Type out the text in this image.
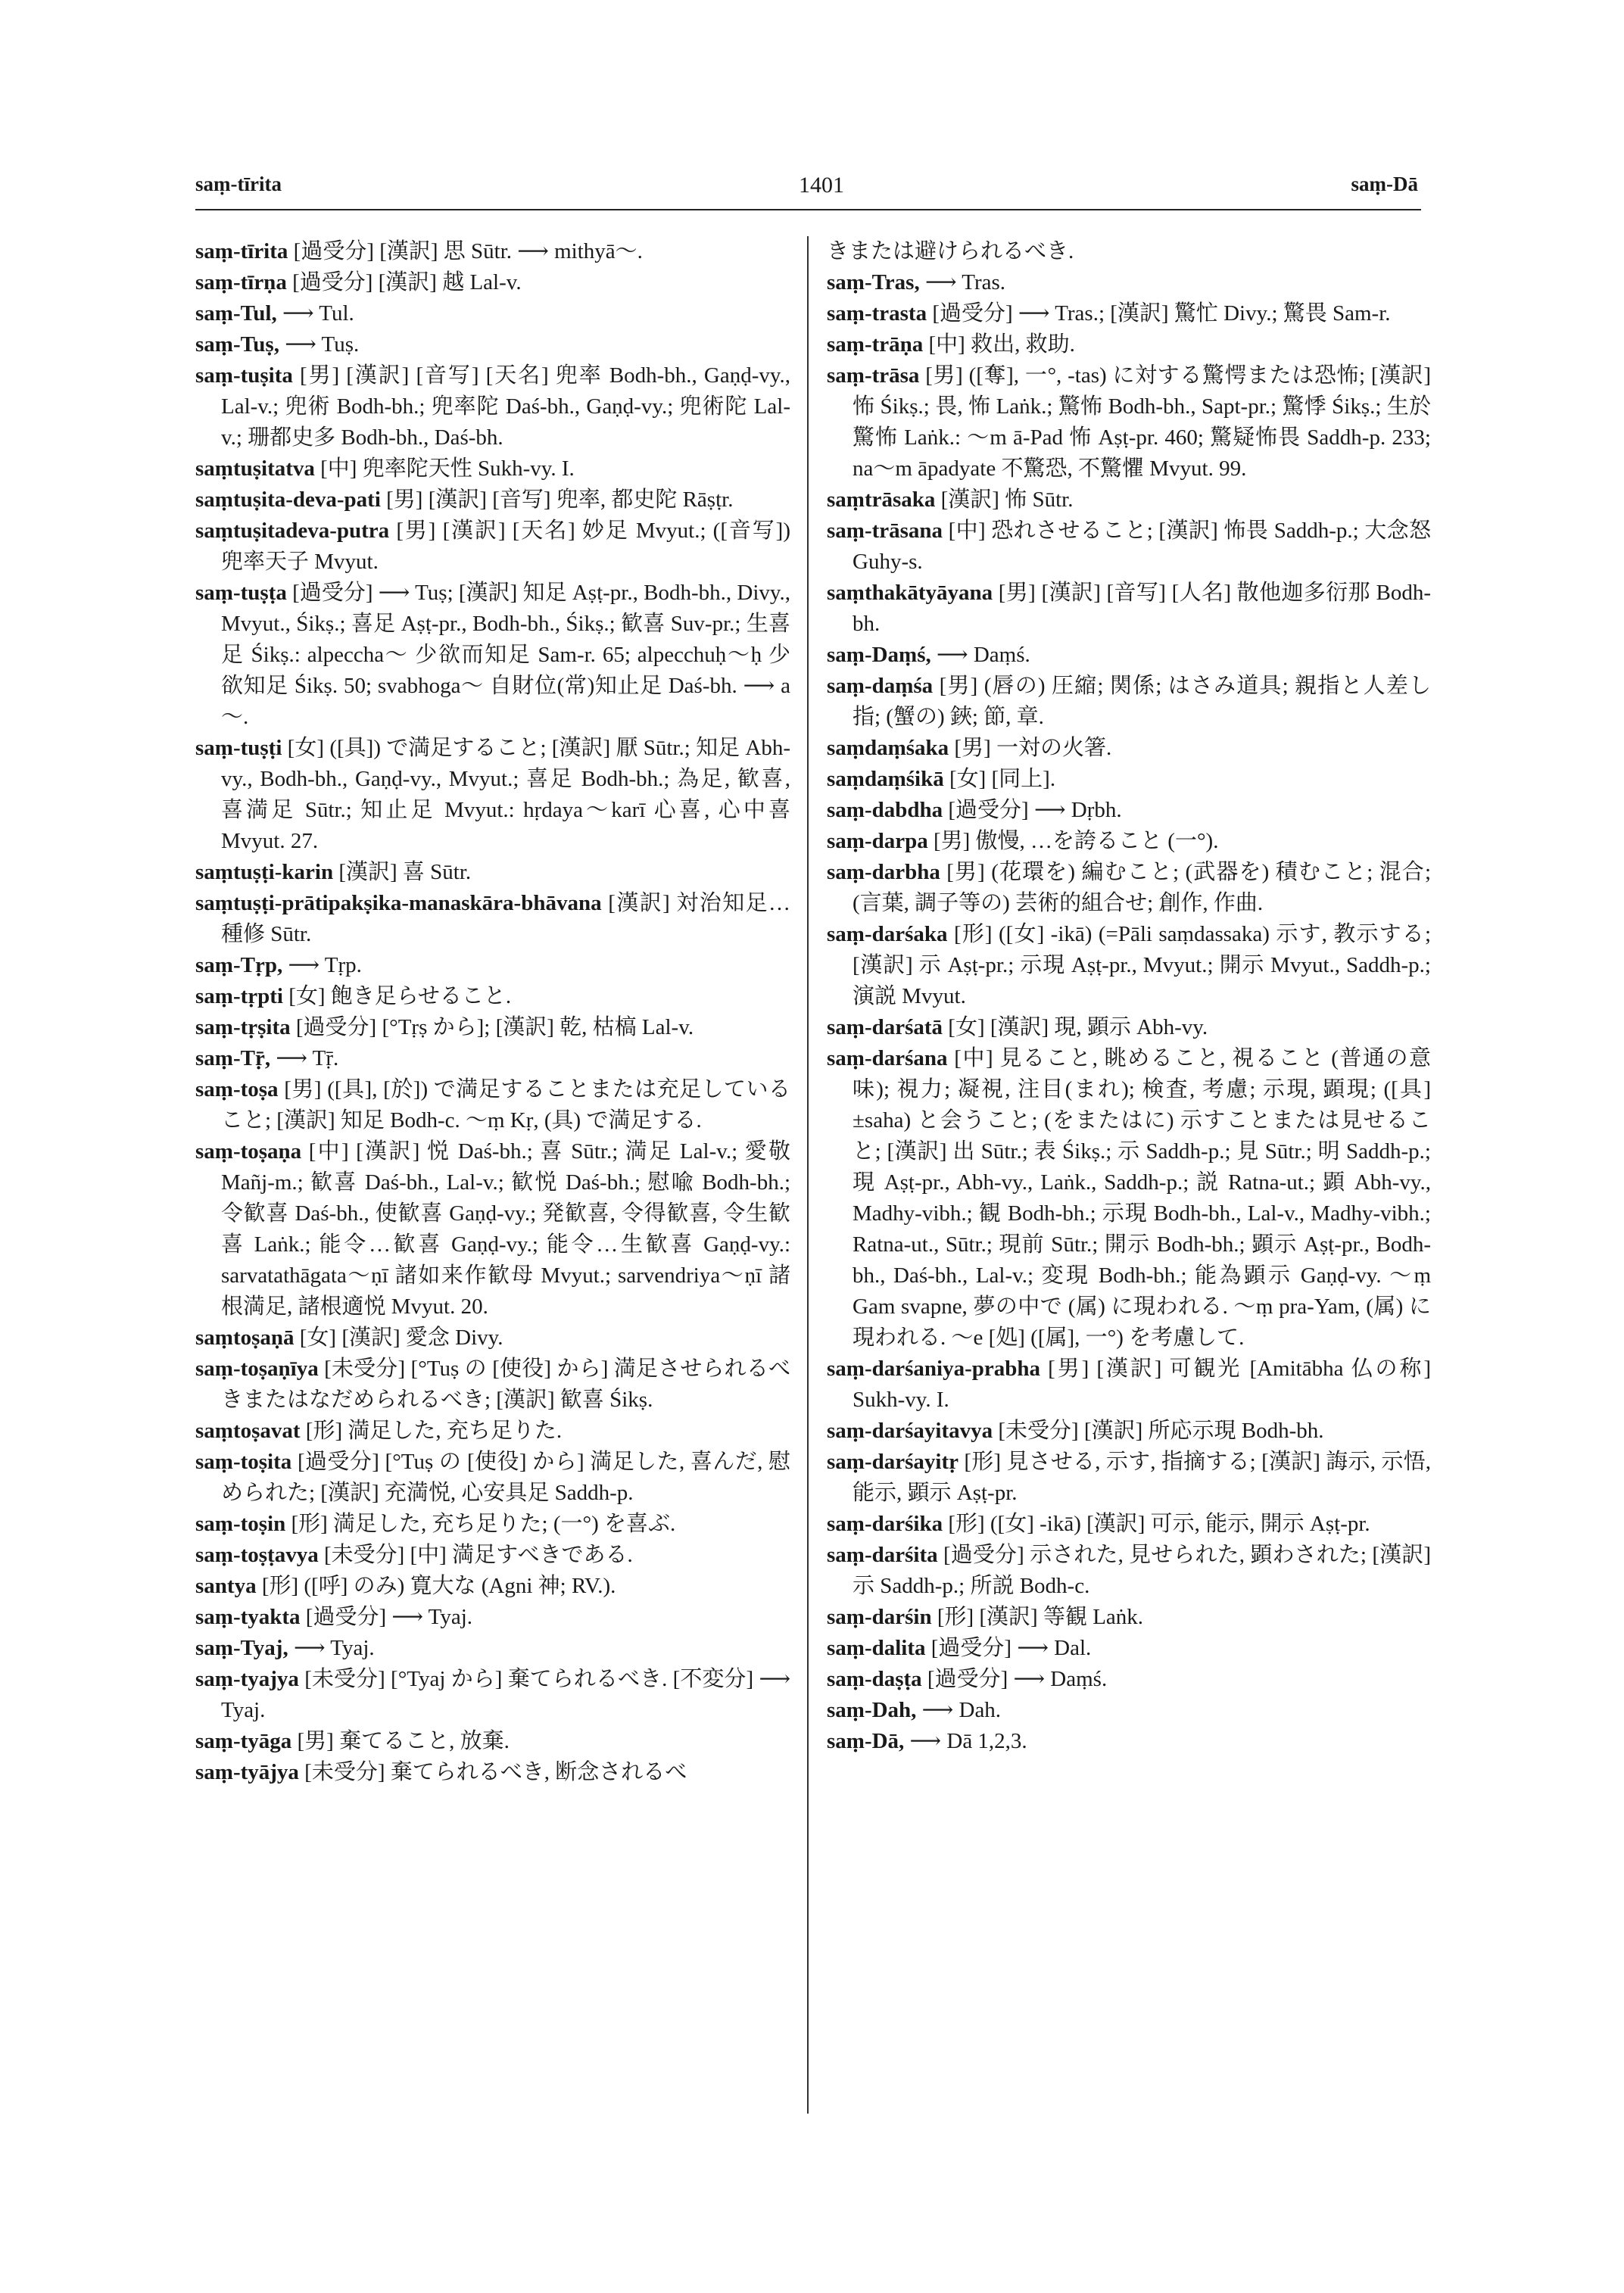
saṃ-tīrita	1401	saṃ-Dā

saṃ-tīrita [過受分] [漢訳] 思 Sūtr. ⟶ mithyā～.

saṃ-tīrṇa [過受分] [漢訳] 越 Lal-v.

saṃ-Tul, ⟶ Tul.

saṃ-Tuṣ, ⟶ Tuṣ.

saṃ-tuṣita [男] [漢訳] [音写] [天名] 兜率 Bodh-bh., Gaṇḍ-vy., Lal-v.; 兜術 Bodh-bh.; 兜率陀 Daś-bh., Gaṇḍ-vy.; 兜術陀 Lal-v.; 珊都史多 Bodh-bh., Daś-bh.

saṃtuṣitatva [中] 兜率陀天性 Sukh-vy. I.

saṃtuṣita-deva-pati [男] [漢訳] [音写] 兜率, 都史陀 Rāṣṭr.

saṃtuṣitadeva-putra [男] [漢訳] [天名] 妙足 Mvyut.; ([音写]) 兜率天子 Mvyut.

saṃ-tuṣṭa [過受分] ⟶ Tuṣ; [漢訳] 知足 Aṣṭ-pr., Bodh-bh., Divy., Mvyut., Śikṣ.; 喜足 Aṣṭ-pr., Bodh-bh., Śikṣ.; 歓喜 Suv-pr.; 生喜足 Śikṣ.: alpeccha～ 少欲而知足 Sam-r. 65; alpecchuḥ～ḥ 少欲知足 Śikṣ. 50; svabhoga～ 自財位(常)知止足 Daś-bh. ⟶ a～.

saṃ-tuṣṭi [女] ([具]) で満足すること; [漢訳] 厭 Sūtr.; 知足 Abh-vy., Bodh-bh., Gaṇḍ-vy., Mvyut.; 喜足 Bodh-bh.; 為足, 歓喜, 喜満足 Sūtr.; 知止足 Mvyut.: hṛdaya～karī 心喜, 心中喜 Mvyut. 27.

saṃtuṣṭi-karin [漢訳] 喜 Sūtr.

saṃtuṣṭi-prātipakṣika-manaskāra-bhāvana [漢訳] 対治知足…種修 Sūtr.

saṃ-Tṛp, ⟶ Tṛp.

saṃ-tṛpti [女] 飽き足らせること.

saṃ-tṛṣita [過受分] [°Tṛṣ から]; [漢訳] 乾, 枯槁 Lal-v.

saṃ-Tṝ, ⟶ Tṝ.

saṃ-toṣa [男] ([具], [於]) で満足することまたは充足していること; [漢訳] 知足 Bodh-c. ～ṃ Kṛ, (具) で満足する.

saṃ-toṣaṇa [中] [漢訳] 悦 Daś-bh.; 喜 Sūtr.; 満足 Lal-v.; 愛敬 Mañj-m.; 歓喜 Daś-bh., Lal-v.; 歓悦 Daś-bh.; 慰喩 Bodh-bh.; 令歓喜 Daś-bh., 使歓喜 Gaṇḍ-vy.; 発歓喜, 令得歓喜, 令生歓喜 Laṅk.; 能令…歓喜 Gaṇḍ-vy.; 能令…生歓喜 Gaṇḍ-vy.: sarvatathāgata～ṇī 諸如来作歓母 Mvyut.; sarvendriya～ṇī 諸根満足, 諸根適悦 Mvyut. 20.

saṃtoṣaṇā [女] [漢訳] 愛念 Divy.

saṃ-toṣaṇīya [未受分] [°Tuṣ の [使役] から] 満足させられるべきまたはなだめられるべき; [漢訳] 歓喜 Śikṣ.

saṃtoṣavat [形] 満足した, 充ち足りた.

saṃ-toṣita [過受分] [°Tuṣ の [使役] から] 満足した, 喜んだ, 慰められた; [漢訳] 充満悦, 心安具足 Saddh-p.

saṃ-toṣin [形] 満足した, 充ち足りた; (一°) を喜ぶ.

saṃ-toṣṭavya [未受分] [中] 満足すべきである.

santya [形] ([呼] のみ) 寛大な (Agni 神; RV.).

saṃ-tyakta [過受分] ⟶ Tyaj.

saṃ-Tyaj, ⟶ Tyaj.

saṃ-tyajya [未受分] [°Tyaj から] 棄てられるべき. [不変分] ⟶ Tyaj.

saṃ-tyāga [男] 棄てること, 放棄.

saṃ-tyājya [未受分] 棄てられるべき, 断念されるべ

きまたは避けられるべき.

saṃ-Tras, ⟶ Tras.

saṃ-trasta [過受分] ⟶ Tras.; [漢訳] 驚忙 Divy.; 驚畏 Sam-r.

saṃ-trāṇa [中] 救出, 救助.

saṃ-trāsa [男] ([奪], 一°, -tas) に対する驚愕または恐怖; [漢訳] 怖 Śikṣ.; 畏, 怖 Laṅk.; 驚怖 Bodh-bh., Sapt-pr.; 驚悸 Śikṣ.; 生於驚怖 Laṅk.: ～m ā-Pad 怖 Aṣṭ-pr. 460; 驚疑怖畏 Saddh-p. 233; na～m āpadyate 不驚恐, 不驚懼 Mvyut. 99.

saṃtrāsaka [漢訳] 怖 Sūtr.

saṃ-trāsana [中] 恐れさせること; [漢訳] 怖畏 Saddh-p.; 大念怒 Guhy-s.

saṃthakātyāyana [男] [漢訳] [音写] [人名] 散他迦多衍那 Bodh-bh.

saṃ-Daṃś, ⟶ Daṃś.

saṃ-daṃśa [男] (唇の) 圧縮; 関係; はさみ道具; 親指と人差し指; (蟹の) 鋏; 節, 章.

saṃdaṃśaka [男] 一対の火箸.

saṃdaṃśikā [女] [同上].

saṃ-dabdha [過受分] ⟶ Dṛbh.

saṃ-darpa [男] 傲慢, …を誇ること (一°).

saṃ-darbha [男] (花環を) 編むこと; (武器を) 積むこと; 混合; (言葉, 調子等の) 芸術的組合せ; 創作, 作曲.

saṃ-darśaka [形] ([女] -ikā) (=Pāli saṃdassaka) 示す, 教示する; [漢訳] 示 Aṣṭ-pr.; 示現 Aṣṭ-pr., Mvyut.; 開示 Mvyut., Saddh-p.; 演説 Mvyut.

saṃ-darśatā [女] [漢訳] 現, 顕示 Abh-vy.

saṃ-darśana [中] 見ること, 眺めること, 視ること (普通の意味); 視力; 凝視, 注目(まれ); 検査, 考慮; 示現, 顕現; ([具] ±saha) と会うこと; (をまたはに) 示すことまたは見せること; [漢訳] 出 Sūtr.; 表 Śikṣ.; 示 Saddh-p.; 見 Sūtr.; 明 Saddh-p.; 現 Aṣṭ-pr., Abh-vy., Laṅk., Saddh-p.; 説 Ratna-ut.; 顕 Abh-vy., Madhy-vibh.; 観 Bodh-bh.; 示現 Bodh-bh., Lal-v., Madhy-vibh.; Ratna-ut., Sūtr.; 現前 Sūtr.; 開示 Bodh-bh.; 顕示 Aṣṭ-pr., Bodh-bh., Daś-bh., Lal-v.; 変現 Bodh-bh.; 能為顕示 Gaṇḍ-vy. ～ṃ Gam svapne, 夢の中で (属) に現われる. ～ṃ pra-Yam, (属) に現われる. ～e [処] ([属], 一°) を考慮して.

saṃ-darśaniya-prabha [男] [漢訳] 可観光 [Amitābha 仏の称] Sukh-vy. I.

saṃ-darśayitavya [未受分] [漢訳] 所応示現 Bodh-bh.

saṃ-darśayitṛ [形] 見させる, 示す, 指摘する; [漢訳] 誨示, 示悟, 能示, 顕示 Aṣṭ-pr.

saṃ-darśika [形] ([女] -ikā) [漢訳] 可示, 能示, 開示 Aṣṭ-pr.

saṃ-darśita [過受分] 示された, 見せられた, 顕わされた; [漢訳] 示 Saddh-p.; 所説 Bodh-c.

saṃ-darśin [形] [漢訳] 等観 Laṅk.

saṃ-dalita [過受分] ⟶ Dal.

saṃ-daṣṭa [過受分] ⟶ Daṃś.

saṃ-Dah, ⟶ Dah.

saṃ-Dā, ⟶ Dā 1,2,3.
